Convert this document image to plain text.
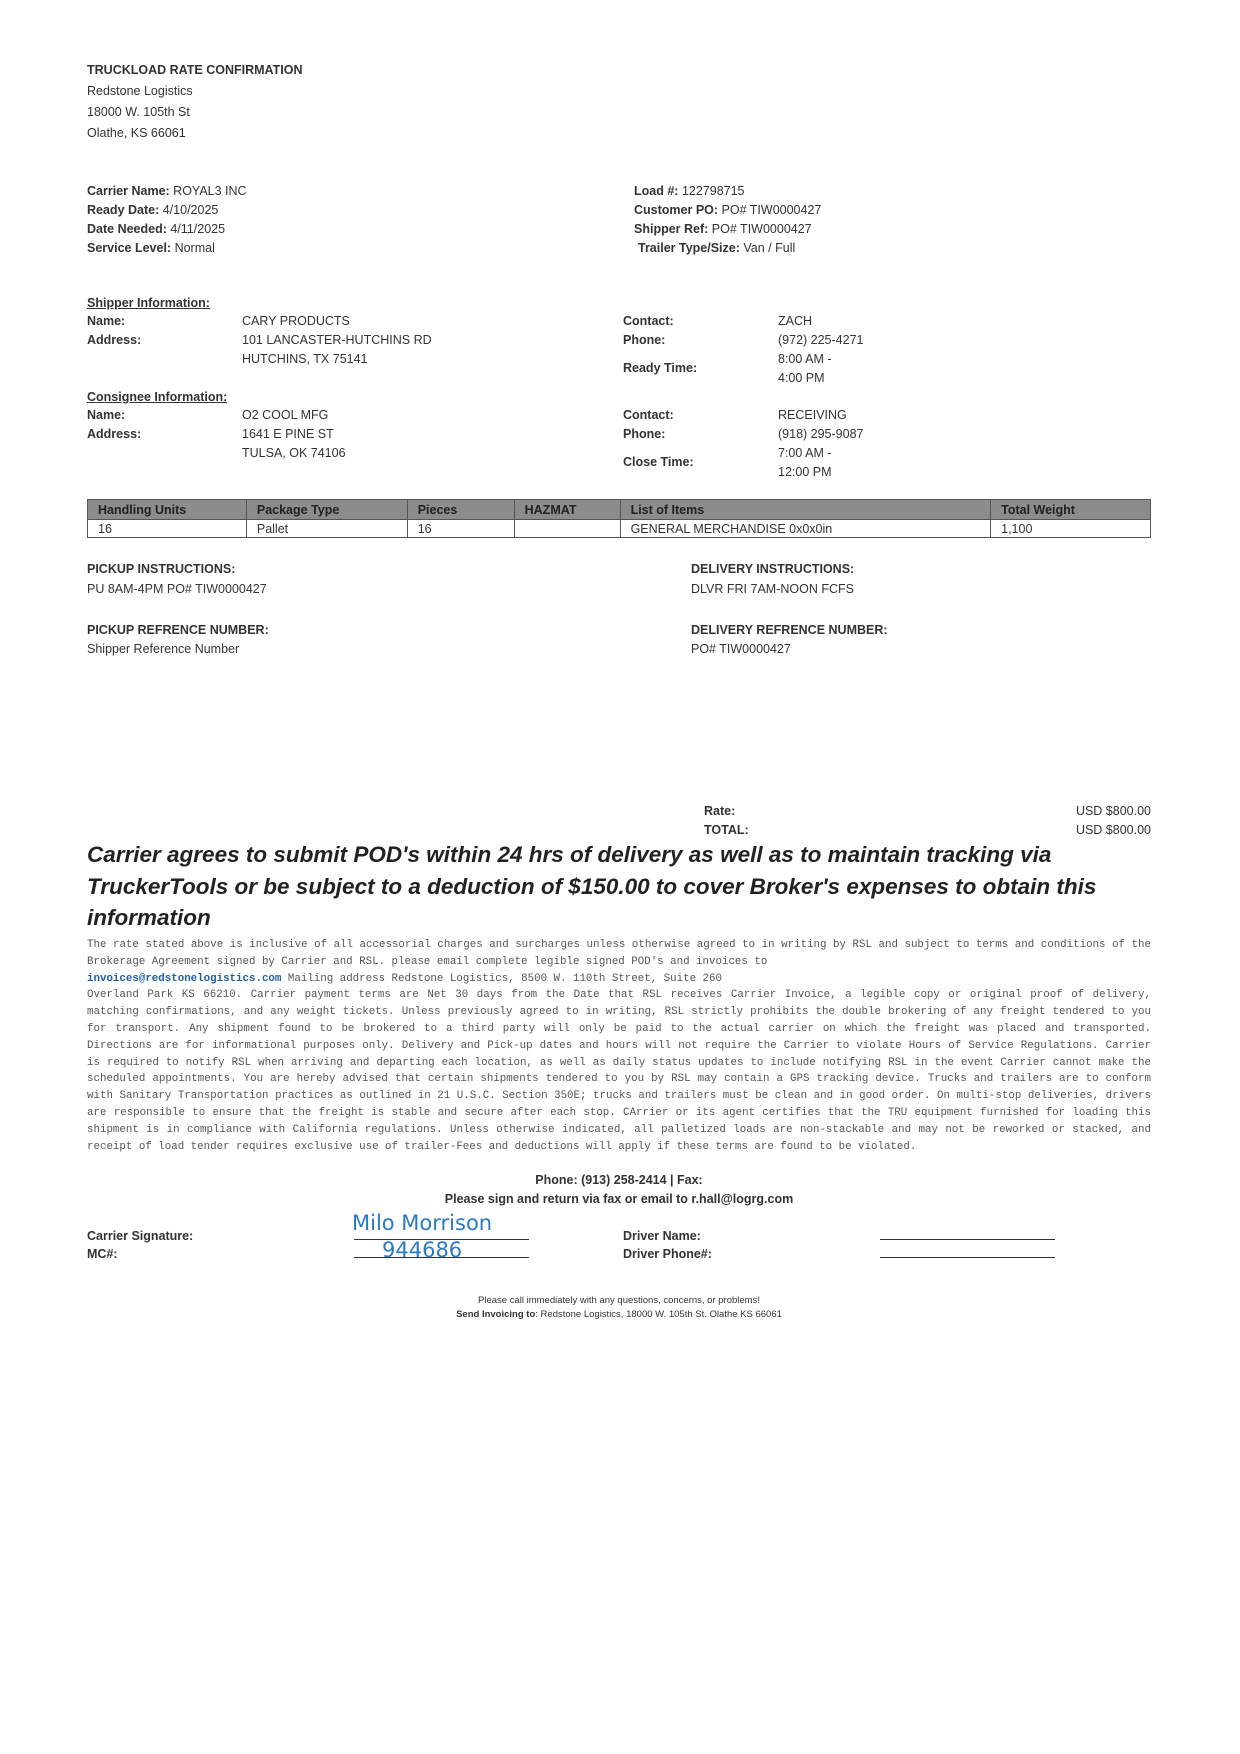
TRUCKLOAD RATE CONFIRMATION
Redstone Logistics
18000 W. 105th St
Olathe, KS 66061
Carrier Name: ROYAL3 INC
Ready Date: 4/10/2025
Date Needed: 4/11/2025
Service Level: Normal
Load #: 122798715
Customer PO: PO# TIW0000427
Shipper Ref: PO# TIW0000427
Trailer Type/Size: Van / Full
Shipper Information:
Name:	CARY PRODUCTS
Address:	101 LANCASTER-HUTCHINS RD
HUTCHINS, TX 75141
Contact:	ZACH
Phone:	(972) 225-4271
Ready Time:
8:00 AM -
4:00 PM
Consignee Information:
Name:	O2 COOL MFG
Address:	1641 E PINE ST
TULSA, OK 74106
Contact:	RECEIVING
Phone:	(918) 295-9087
Close Time:
7:00 AM -
12:00 PM
Handling Units	Package Type	Pieces	HAZMAT	List of Items	Total Weight
16	Pallet	16		GENERAL MERCHANDISE 0x0x0in	1,100
PICKUP INSTRUCTIONS:
PU 8AM-4PM PO# TIW0000427
DELIVERY INSTRUCTIONS:
DLVR FRI 7AM-NOON FCFS
PICKUP REFRENCE NUMBER:
Shipper Reference Number
DELIVERY REFRENCE NUMBER:
PO# TIW0000427
Rate:	USD $800.00
TOTAL:	USD $800.00
Carrier agrees to submit POD's within 24 hrs of delivery as well as to maintain tracking via TruckerTools or be subject to a deduction of $150.00 to cover Broker's expenses to obtain this information
The rate stated above is inclusive of all accessorial charges and surcharges unless otherwise agreed to in writing by RSL and subject to terms and conditions of the Brokerage Agreement signed by Carrier and RSL. please email complete legible signed POD's and invoices to
invoices@redstonelogistics.com Mailing address Redstone Logistics, 8500 W. 110th Street, Suite 260
Overland Park KS 66210. Carrier payment terms are Net 30 days from the Date that RSL receives Carrier Invoice, a legible copy or original proof of delivery, matching confirmations, and any weight tickets. Unless previously agreed to in writing, RSL strictly prohibits the double brokering of any freight tendered to you for transport. Any shipment found to be brokered to a third party will only be paid to the actual carrier on which the freight was placed and transported. Directions are for informational purposes only. Delivery and Pick-up dates and hours will not require the Carrier to violate Hours of Service Regulations. Carrier is required to notify RSL when arriving and departing each location, as well as daily status updates to include notifying RSL in the event Carrier cannot make the scheduled appointments. You are hereby advised that certain shipments tendered to you by RSL may contain a GPS tracking device. Trucks and trailers are to conform with Sanitary Transportation practices as outlined in 21 U.S.C. Section 350E; trucks and trailers must be clean and in good order. On multi-stop deliveries, drivers are responsible to ensure that the freight is stable and secure after each stop. CArrier or its agent certifies that the TRU equipment furnished for loading this shipment is in compliance with California regulations. Unless otherwise indicated, all palletized loads are non-stackable and may not be reworked or stacked, and receipt of load tender requires exclusive use of trailer-Fees and deductions will apply if these terms are found to be violated.
Phone: (913) 258-2414 | Fax:
Please sign and return via fax or email to r.hall@logrg.com
Carrier Signature:
Milo Morrison
MC#:	944686
Driver Name:
Driver Phone#:
Please call immediately with any questions, concerns, or problems!
Send Invoicing to: Redstone Logistics, 18000 W. 105th St. Olathe KS 66061
